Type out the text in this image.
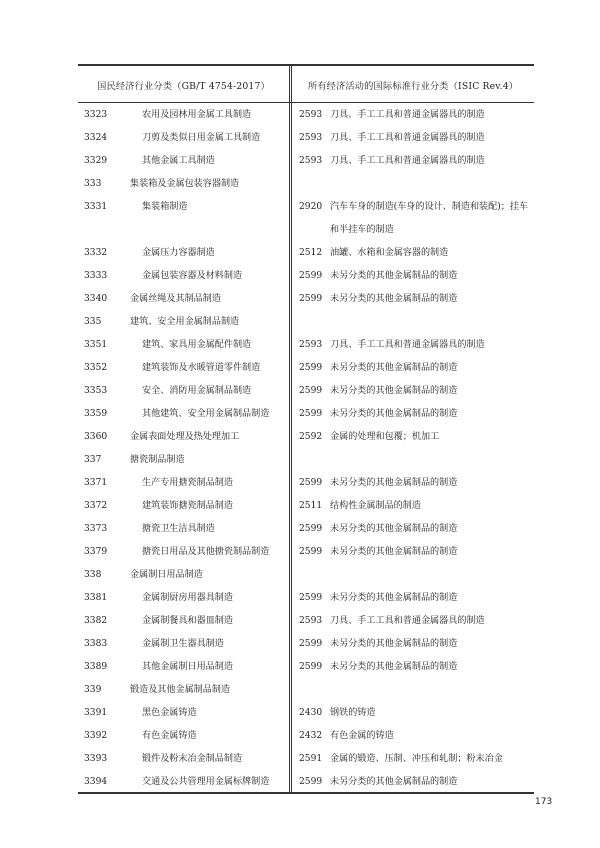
国民经济行业分类（GB/T 4754-2017）	所有经济活动的国际标准行业分类（ISIC Rev.4）
3323	农用及园林用金属工具制造	2593 刀具、手工工具和普通金属器具的制造
3324	刀剪及类似日用金属工具制造	2593 刀具、手工工具和普通金属器具的制造
3329	其他金属工具制造	2593 刀具、手工工具和普通金属器具的制造
333	集装箱及金属包装容器制造
3331	集装箱制造	2920 汽车车身的制造(车身的设计、制造和装配)；挂车和半挂车的制造
3332	金属压力容器制造	2512 油罐、水箱和金属容器的制造
3333	金属包装容器及材料制造	2599 未另分类的其他金属制品的制造
3340	金属丝绳及其制品制造	2599 未另分类的其他金属制品的制造
335	建筑、安全用金属制品制造
3351	建筑、家具用金属配件制造	2593 刀具、手工工具和普通金属器具的制造
3352	建筑装饰及水暖管道零件制造	2599 未另分类的其他金属制品的制造
3353	安全、消防用金属制品制造	2599 未另分类的其他金属制品的制造
3359	其他建筑、安全用金属制品制造	2599 未另分类的其他金属制品的制造
3360	金属表面处理及热处理加工	2592 金属的处理和包覆；机加工
337	搪瓷制品制造
3371	生产专用搪瓷制品制造	2599 未另分类的其他金属制品的制造
3372	建筑装饰搪瓷制品制造	2511 结构性金属制品的制造
3373	搪瓷卫生洁具制造	2599 未另分类的其他金属制品的制造
3379	搪瓷日用品及其他搪瓷制品制造	2599 未另分类的其他金属制品的制造
338	金属制日用品制造
3381	金属制厨房用器具制造	2599 未另分类的其他金属制品的制造
3382	金属制餐具和器皿制造	2593 刀具、手工工具和普通金属器具的制造
3383	金属制卫生器具制造	2599 未另分类的其他金属制品的制造
3389	其他金属制日用品制造	2599 未另分类的其他金属制品的制造
339	锻造及其他金属制品制造
3391	黑色金属铸造	2430 钢铁的铸造
3392	有色金属铸造	2432 有色金属的铸造
3393	锻件及粉末冶金制品制造	2591 金属的锻造、压制、冲压和轧制；粉末冶金
3394	交通及公共管理用金属标牌制造	2599 未另分类的其他金属制品的制造
173
